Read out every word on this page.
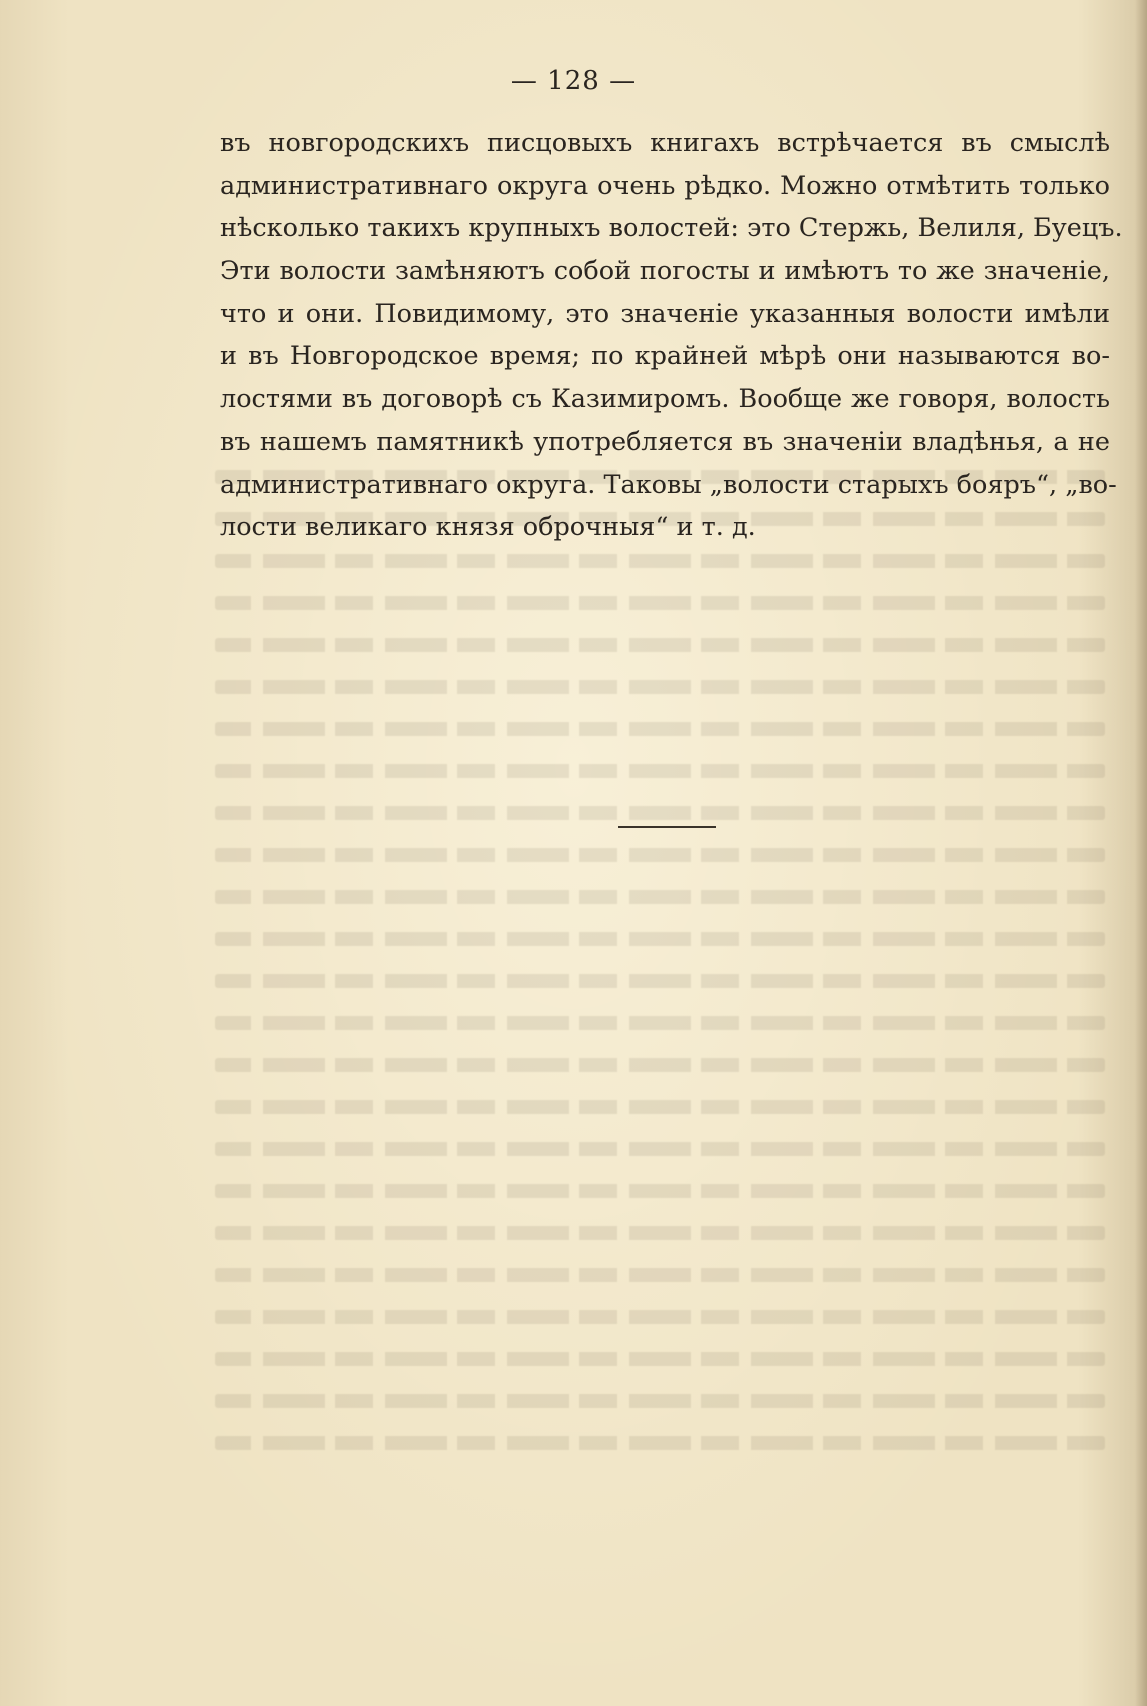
— 128 —
въ новгородскихъ писцовыхъ книгахъ встрѣчается въ смыслѣ
административнаго округа очень рѣдко. Можно отмѣтить только
нѣсколько такихъ крупныхъ волостей: это Стержь, Велиля, Буецъ.
Эти волости замѣняютъ собой погосты и имѣютъ то же значеніе,
что и они. Повидимому, это значеніе указанныя волости имѣли
и въ Новгородское время; по крайней мѣрѣ они называются во-
лостями въ договорѣ съ Казимиромъ. Вообще же говоря, волость
въ нашемъ памятникѣ употребляется въ значеніи владѣнья, а не
административнаго округа. Таковы „волости старыхъ бояръ“, „во-
лости великаго князя оброчныя“ и т. д.
